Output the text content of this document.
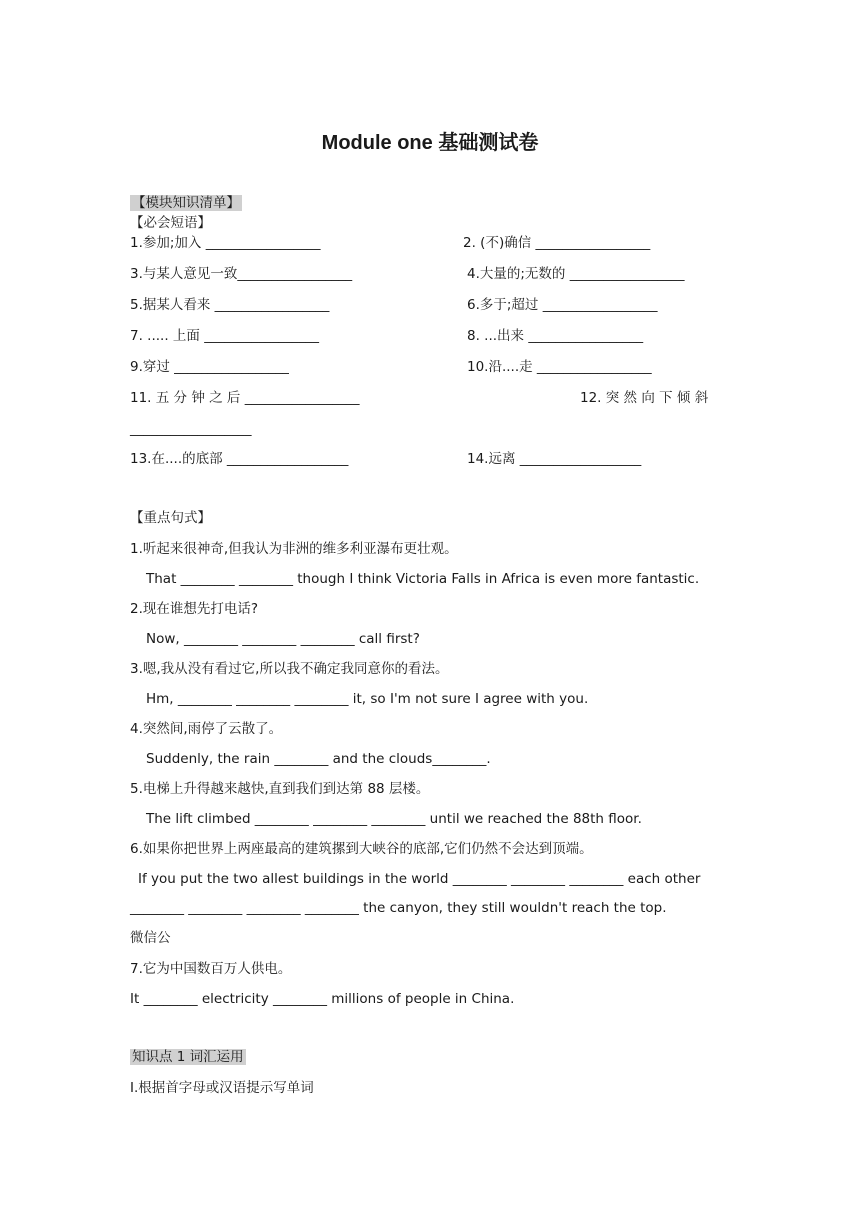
Module one 基础测试卷
【模块知识清单】
【必会短语】
1.参加;加入 _________________	2. (不)确信 _________________
3.与某人意见一致_________________	4.大量的;无数的 _________________
5.据某人看来 _________________	6.多于;超过 _________________
7. ..... 上面 _________________	8. ...出来 _________________
9.穿过 _________________	10.沿....走 _________________
11. 五 分 钟 之 后 _________________	12. 突 然 向 下 倾 斜
__________________
13.在....的底部 __________________	14.远离 __________________
【重点句式】
1.听起来很神奇,但我认为非洲的维多利亚瀑布更壮观。
That ________ ________ though I think Victoria Falls in Africa is even more fantastic.
2.现在谁想先打电话?
Now, ________ ________ ________ call first?
3.嗯,我从没有看过它,所以我不确定我同意你的看法。
Hm, ________ ________ ________ it, so I'm not sure I agree with you.
4.突然间,雨停了云散了。
Suddenly, the rain ________ and the clouds________.
5.电梯上升得越来越快,直到我们到达第 88 层楼。
The lift climbed ________ ________ ________ until we reached the 88th floor.
6.如果你把世界上两座最高的建筑摞到大峡谷的底部,它们仍然不会达到顶端。
If you put the two allest buildings in the world ________ ________ ________ each other
________ ________ ________ ________ the canyon, they still wouldn't reach the top.
微信公
7.它为中国数百万人供电。
It ________ electricity ________ millions of people in China.
知识点 1 词汇运用
I.根据首字母或汉语提示写单词
